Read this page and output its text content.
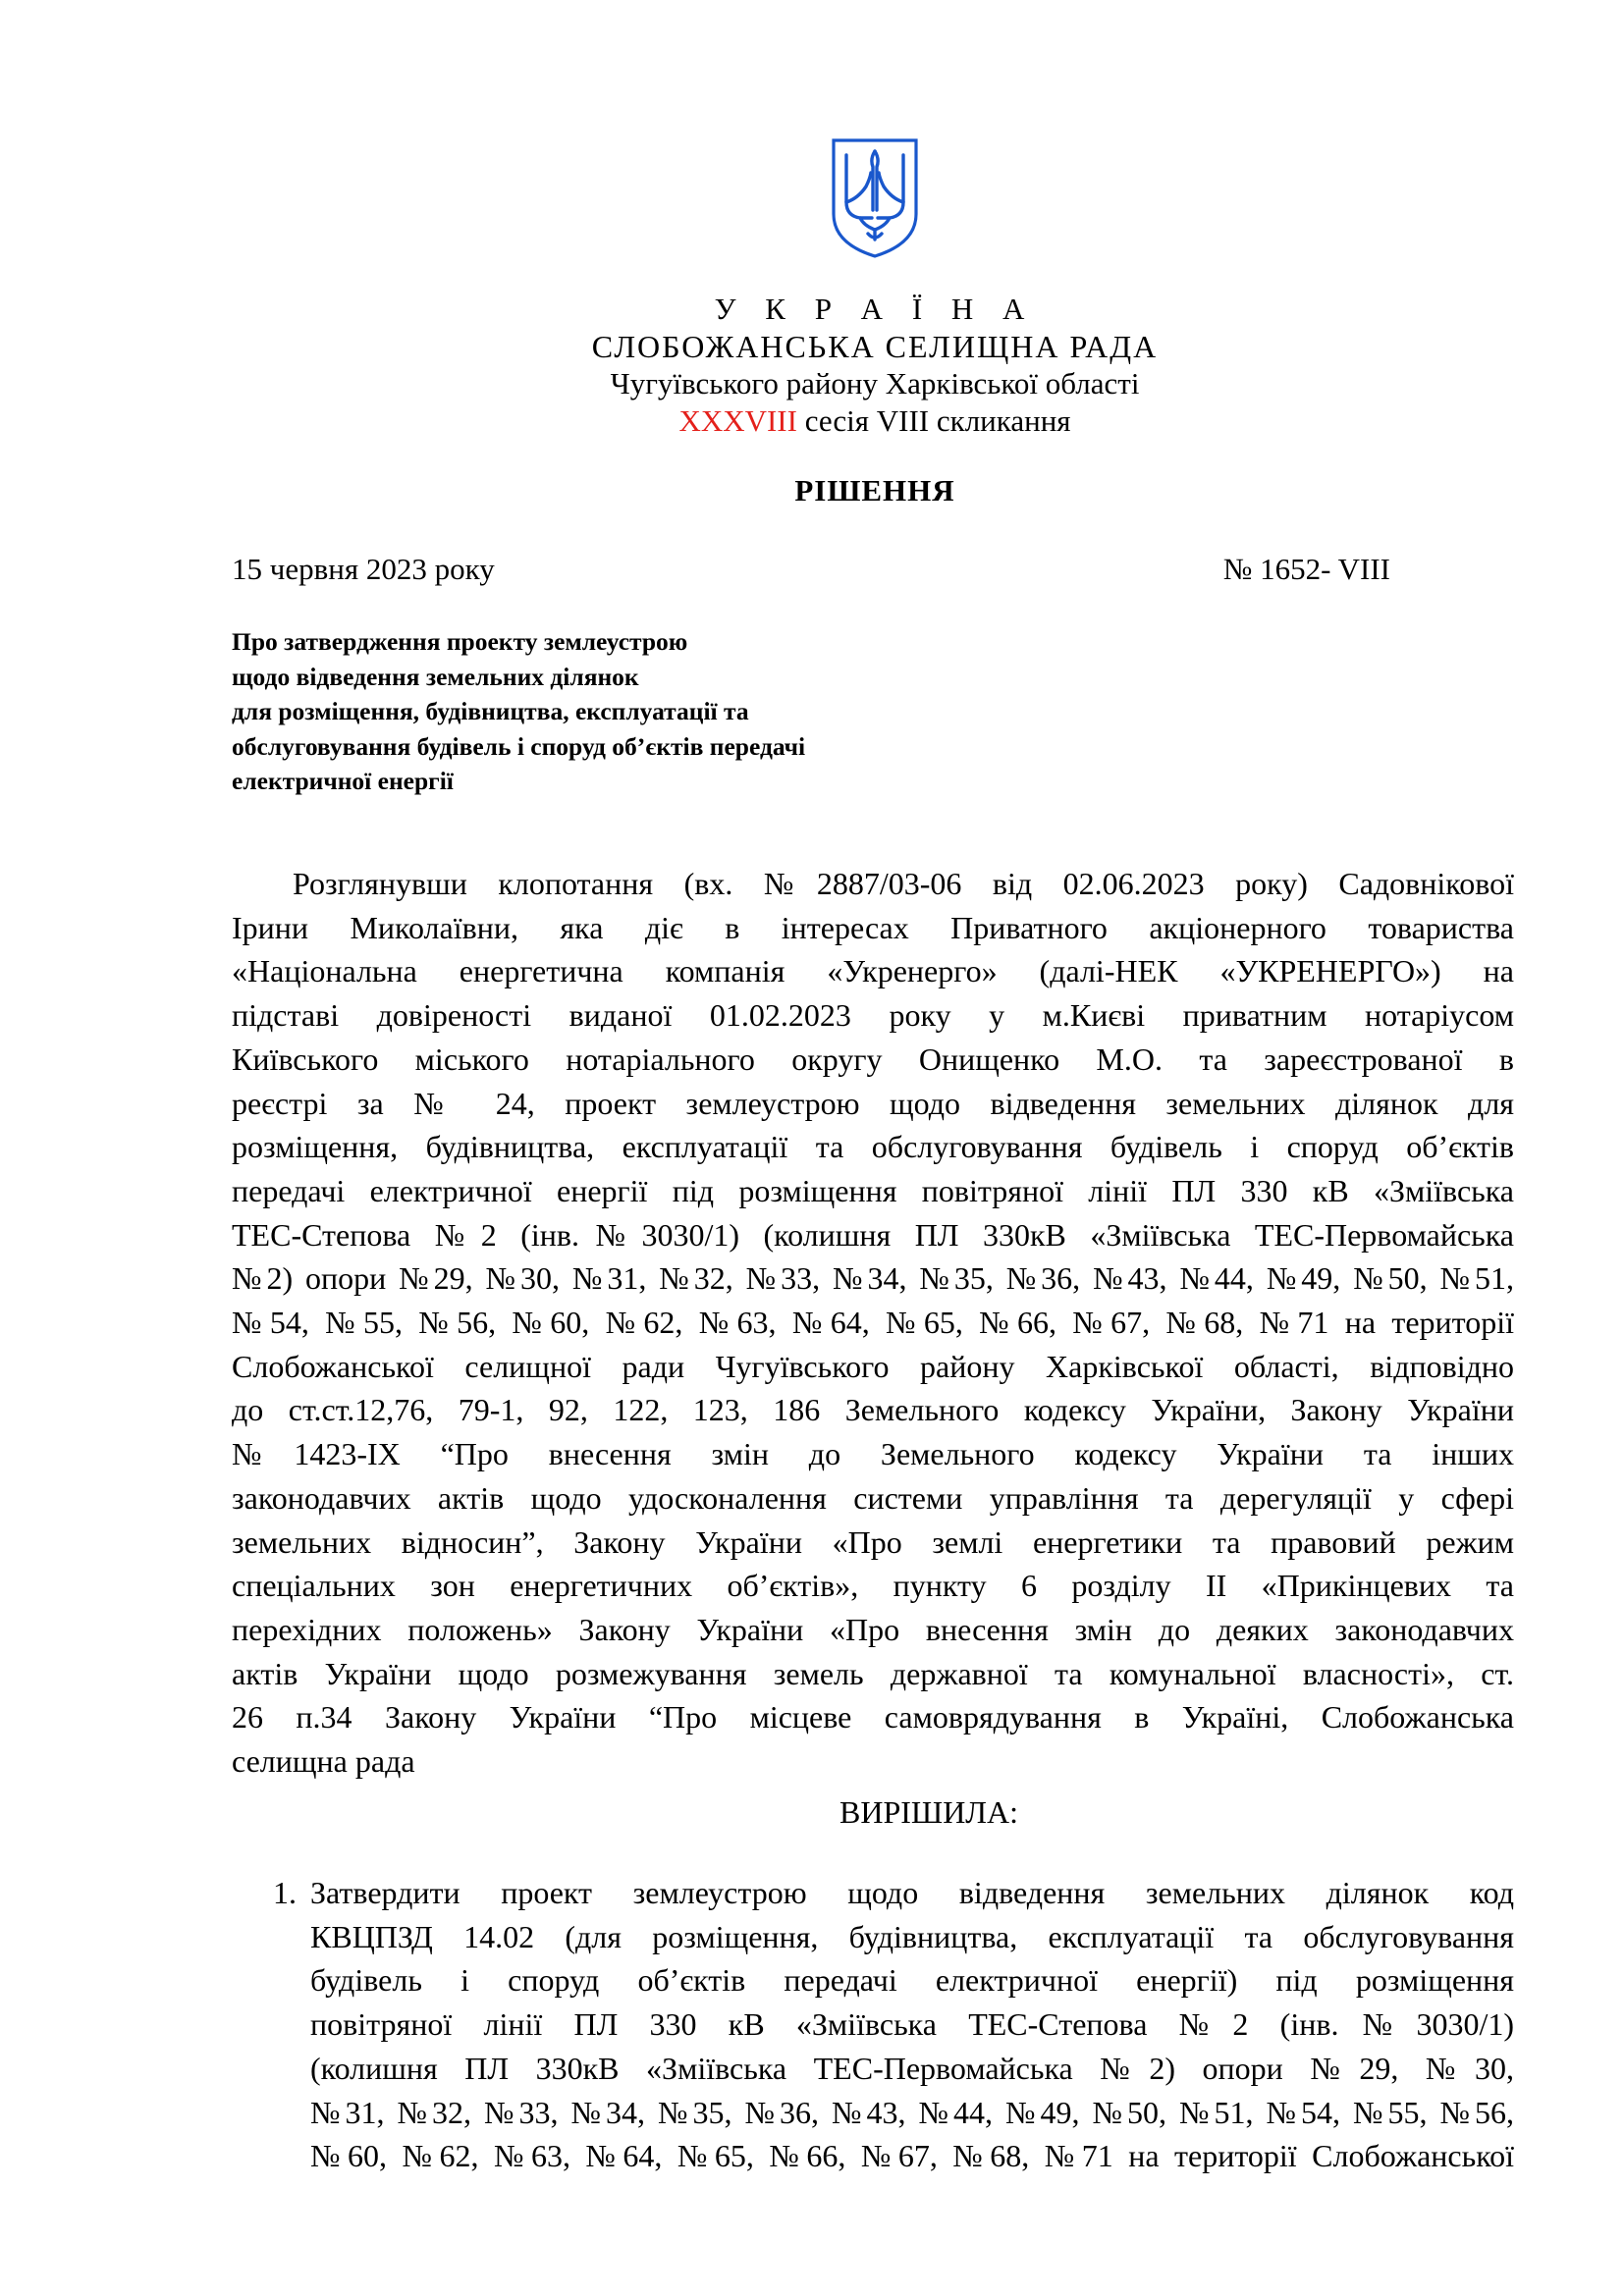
У К Р А Ї Н А
СЛОБОЖАНСЬКА СЕЛИЩНА РАДА
Чугуївського району Харківської області
XXXVIII сесія VIII скликання
РІШЕННЯ
15 червня 2023 року	№ 1652- VIII
Про затвердження проекту землеустрою
щодо відведення земельних ділянок
для розміщення, будівництва, експлуатації та
обслуговування будівель і споруд об’єктів передачі
електричної енергії
Розглянувши клопотання (вх. №2887/03-06 від 02.06.2023 року) Садовнікової
Ірини Миколаївни, яка діє в інтересах Приватного акціонерного товариства
«Національна енергетична компанія «Укренерго» (далі-НЕК «УКРЕНЕРГО») на
підставі довіреності виданої 01.02.2023 року у м.Києві приватним нотаріусом
Київського міського нотаріального округу Онищенко М.О. та зареєстрованої в
реєстрі за № 24, проект землеустрою щодо відведення земельних ділянок для
розміщення, будівництва, експлуатації та обслуговування будівель і споруд об’єктів
передачі електричної енергії під розміщення повітряної лінії ПЛ 330 кВ «Зміївська
ТЕС-Степова №2 (інв.№3030/1) (колишня ПЛ 330кВ «Зміївська ТЕС-Первомайська
№2) опори №29, №30, №31, №32, №33, №34, №35, №36, №43, №44, №49, №50, №51,
№54, №55, №56, №60, №62, №63, №64, №65, №66, №67, №68, №71 на території
Слобожанської селищної ради Чугуївського району Харківської області, відповідно
до ст.ст.12,76, 79-1, 92, 122, 123, 186 Земельного кодексу України, Закону України
№1423-IX “Про внесення змін до Земельного кодексу України та інших
законодавчих актів щодо удосконалення системи управління та дерегуляції у сфері
земельних відносин”, Закону України «Про землі енергетики та правовий режим
спеціальних зон енергетичних об’єктів», пункту 6 розділу II «Прикінцевих та
перехідних положень» Закону України «Про внесення змін до деяких законодавчих
актів України щодо розмежування земель державної та комунальної власності», ст.
26 п.34 Закону України “Про місцеве самоврядування в Україні, Слобожанська
селищна рада
ВИРІШИЛА:
1. Затвердити проект землеустрою щодо відведення земельних ділянок код
КВЦПЗД 14.02 (для розміщення, будівництва, експлуатації та обслуговування
будівель і споруд об’єктів передачі електричної енергії) під розміщення
повітряної лінії ПЛ 330 кВ «Зміївська ТЕС-Степова №2 (інв.№3030/1)
(колишня ПЛ 330кВ «Зміївська ТЕС-Первомайська №2) опори №29, №30,
№31, №32, №33, №34, №35, №36, №43, №44, №49, №50, №51, №54, №55, №56,
№60, №62, №63, №64, №65, №66, №67, №68, №71 на території Слобожанської
